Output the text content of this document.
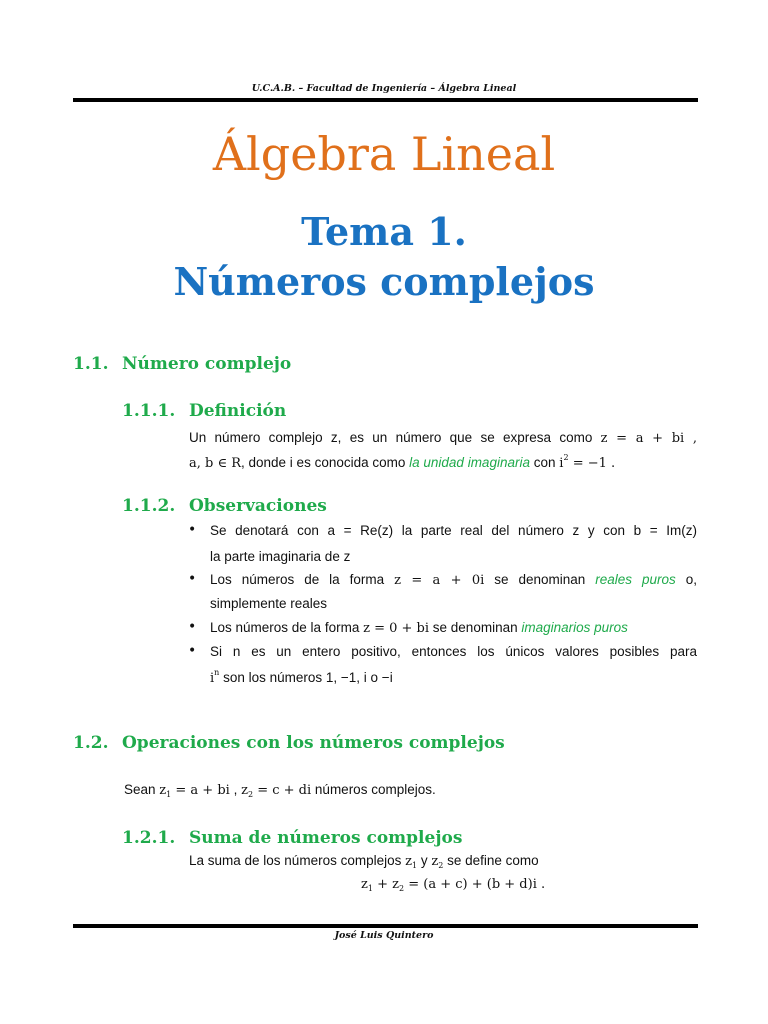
U.C.A.B. – Facultad de Ingeniería – Álgebra Lineal
Álgebra Lineal
Tema 1.
Números complejos
1.1. Número complejo
1.1.1. Definición
Un número complejo z, es un número que se expresa como z = a + bi ,
a, b ∈ R, donde i es conocida como la unidad imaginaria con $i^2 = -1$ .
1.1.2. Observaciones
• Se denotará con a = Re(z) la parte real del número z y con b = Im(z)
la parte imaginaria de z
• Los números de la forma z = a + 0i se denominan reales puros o,
simplemente reales
• Los números de la forma z = 0 + bi se denominan imaginarios puros
• Si n es un entero positivo, entonces los únicos valores posibles para
$i^n$ son los números 1, −1, i o −i
1.2. Operaciones con los números complejos
Sean $z_1 = a$ + bi , $z_2 = c$ + di números complejos.
1.2.1. Suma de números complejos
La suma de los números complejos $z_1$ y $z_2$ se define como
$z_1 + z_2 = (a + c) + (b + d)i$ .
José Luis Quintero
